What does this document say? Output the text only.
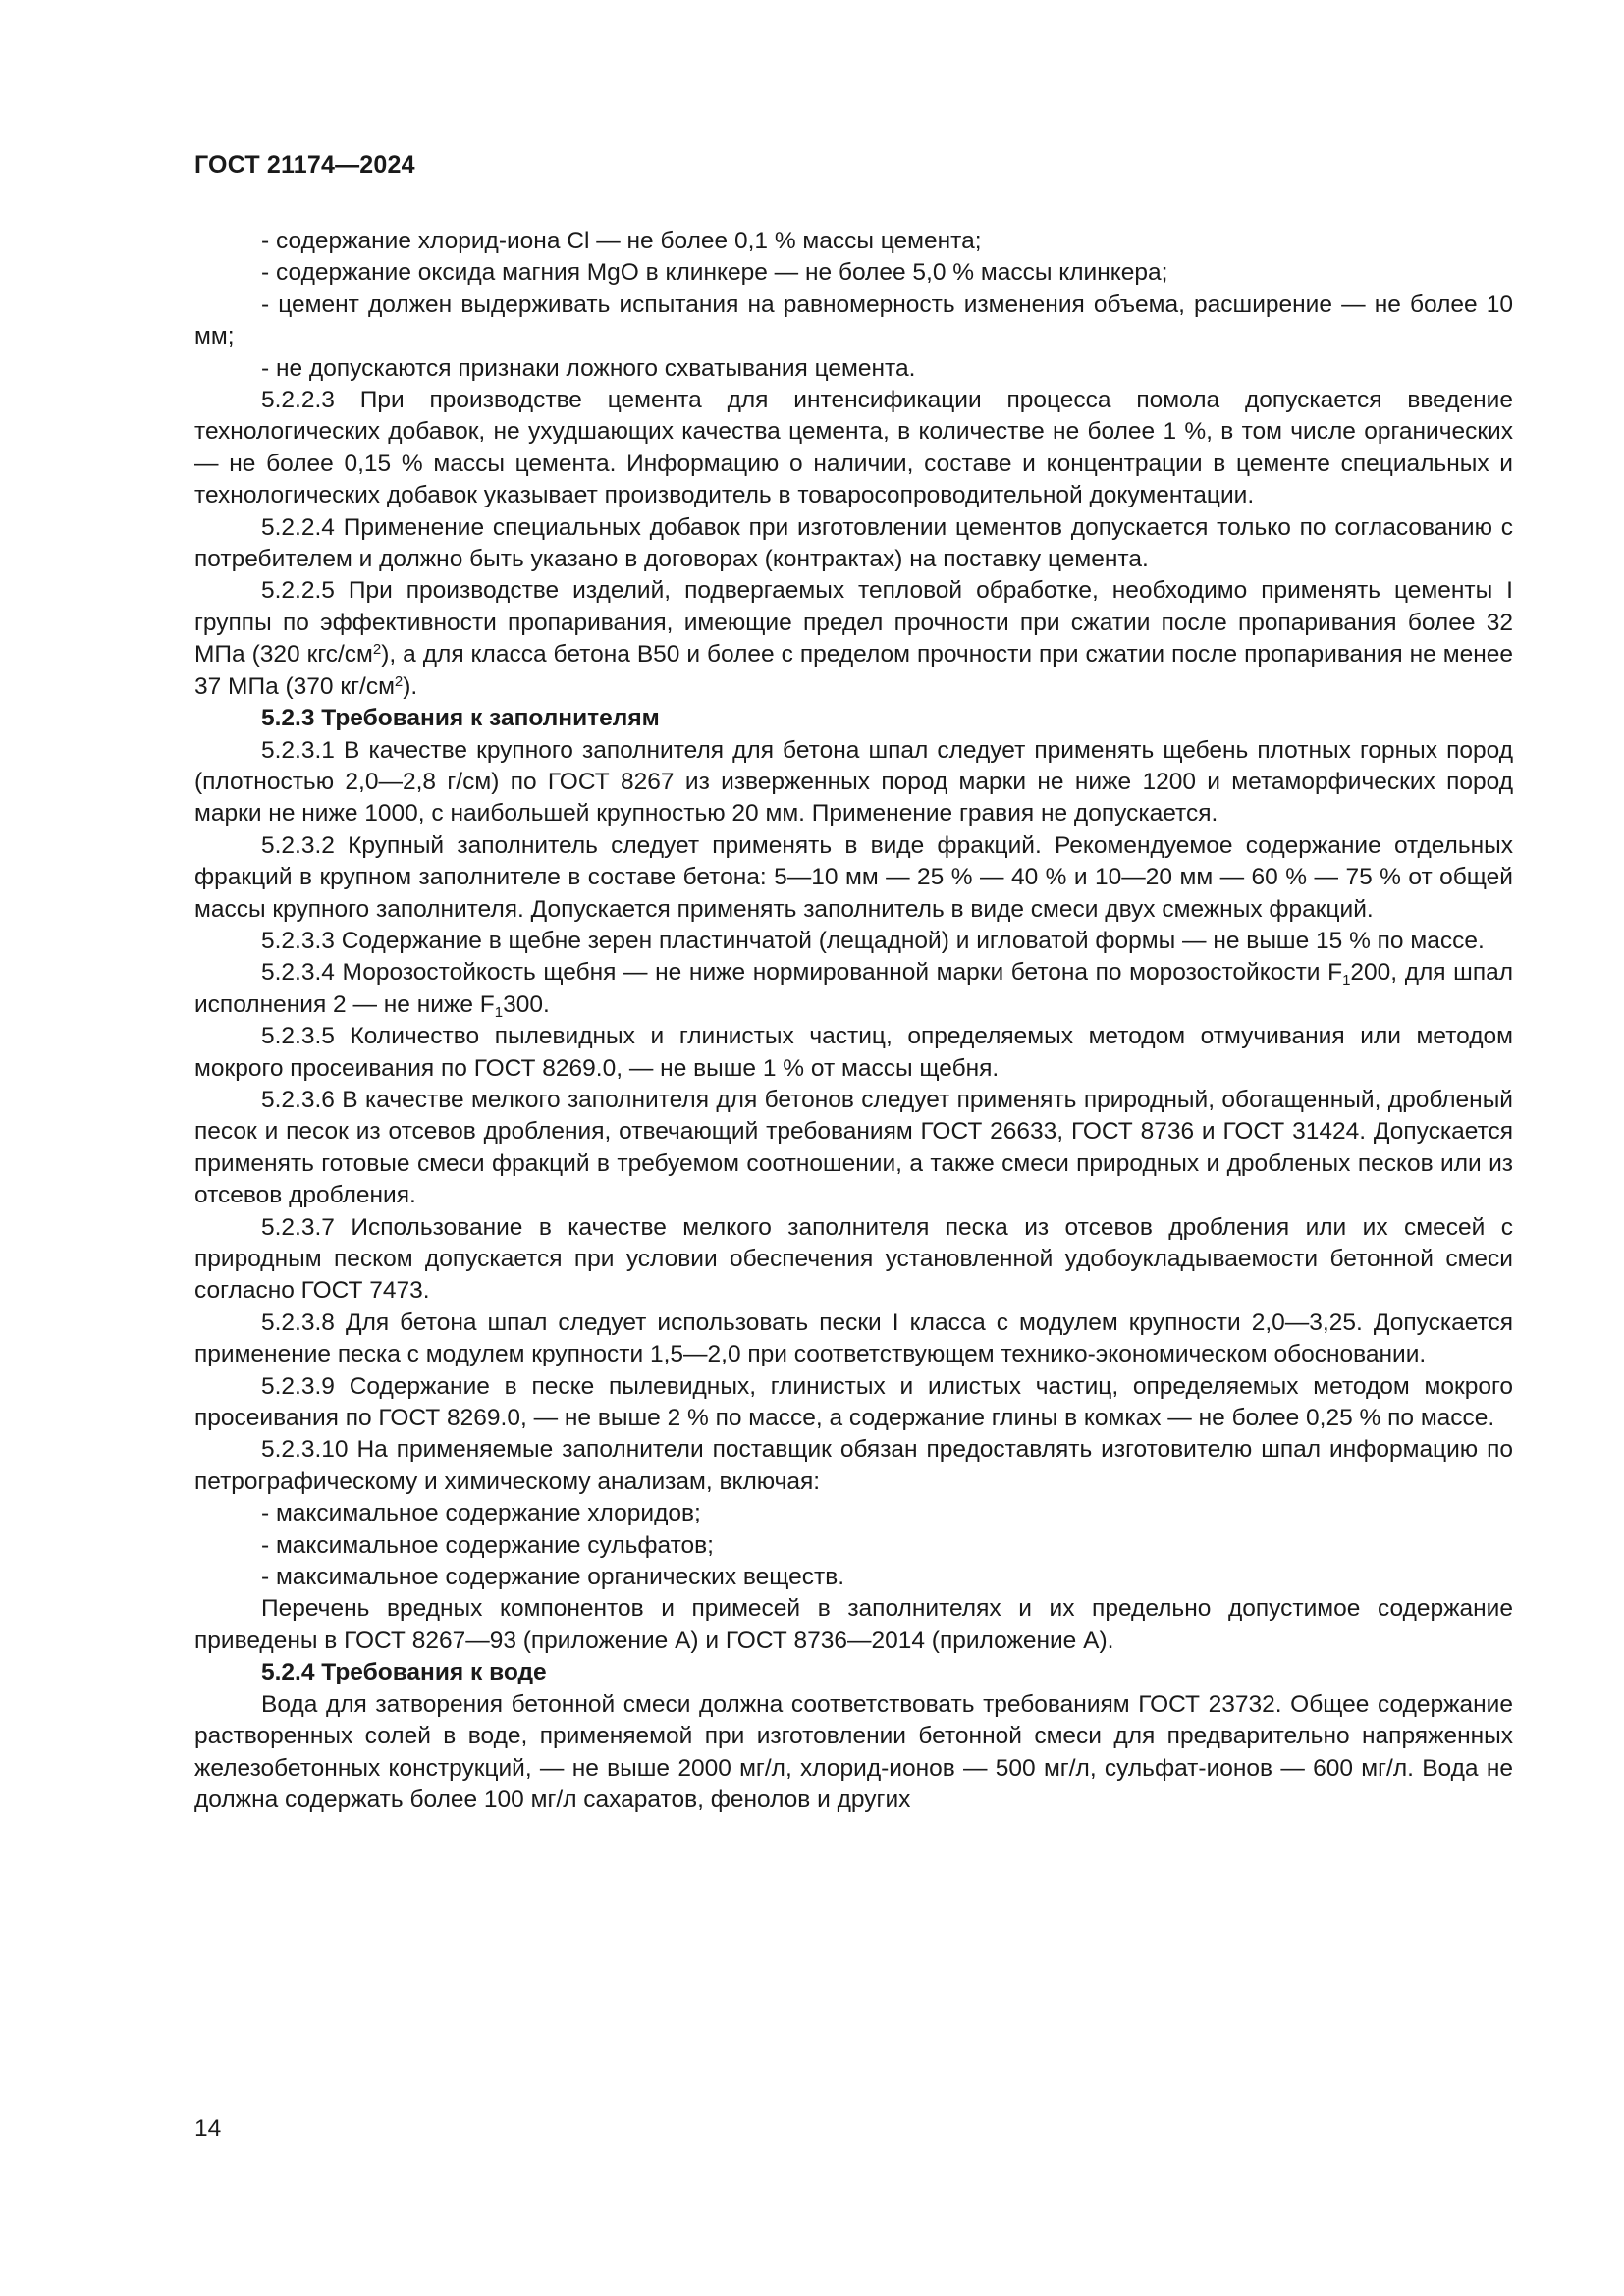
ГОСТ 21174—2024

- содержание хлорид-иона Cl — не более 0,1 % массы цемента;

- содержание оксида магния MgO в клинкере — не более 5,0 % массы клинкера;

- цемент должен выдерживать испытания на равномерность изменения объема, расширение — не более 10 мм;

- не допускаются признаки ложного схватывания цемента.

5.2.2.3 При производстве цемента для интенсификации процесса помола допускается введение технологических добавок, не ухудшающих качества цемента, в количестве не более 1 %, в том числе органических — не более 0,15 % массы цемента. Информацию о наличии, составе и концентрации в цементе специальных и технологических добавок указывает производитель в товаросопроводительной документации.

5.2.2.4 Применение специальных добавок при изготовлении цементов допускается только по согласованию с потребителем и должно быть указано в договорах (контрактах) на поставку цемента.

5.2.2.5 При производстве изделий, подвергаемых тепловой обработке, необходимо применять цементы I группы по эффективности пропаривания, имеющие предел прочности при сжатии после пропаривания более 32 МПа (320 кгс/$см^2$), а для класса бетона В50 и более с пределом прочности при сжатии после пропаривания не менее 37 МПа (370 $кг/см^2$).

5.2.3 Требования к заполнителям

5.2.3.1 В качестве крупного заполнителя для бетона шпал следует применять щебень плотных горных пород (плотностью 2,0—2,8 г/см) по ГОСТ 8267 из изверженных пород марки не ниже 1200 и метаморфических пород марки не ниже 1000, с наибольшей крупностью 20 мм. Применение гравия не допускается.

5.2.3.2 Крупный заполнитель следует применять в виде фракций. Рекомендуемое содержание отдельных фракций в крупном заполнителе в составе бетона: 5—10 мм — 25 % — 40 % и 10—20 мм — 60 % — 75 % от общей массы крупного заполнителя. Допускается применять заполнитель в виде смеси двух смежных фракций.

5.2.3.3 Содержание в щебне зерен пластинчатой (лещадной) и игловатой формы — не выше 15 % по массе.

5.2.3.4 Морозостойкость щебня — не ниже нормированной марки бетона по морозостойкости $F_1200$, для шпал исполнения 2 — не ниже $F_1300$.

5.2.3.5 Количество пылевидных и глинистых частиц, определяемых методом отмучивания или методом мокрого просеивания по ГОСТ 8269.0, — не выше 1 % от массы щебня.

5.2.3.6 В качестве мелкого заполнителя для бетонов следует применять природный, обогащенный, дробленый песок и песок из отсевов дробления, отвечающий требованиям ГОСТ 26633, ГОСТ 8736 и ГОСТ 31424. Допускается применять готовые смеси фракций в требуемом соотношении, а также смеси природных и дробленых песков или из отсевов дробления.

5.2.3.7 Использование в качестве мелкого заполнителя песка из отсевов дробления или их смесей с природным песком допускается при условии обеспечения установленной удобоукладываемости бетонной смеси согласно ГОСТ 7473.

5.2.3.8 Для бетона шпал следует использовать пески I класса с модулем крупности 2,0—3,25. Допускается применение песка с модулем крупности 1,5—2,0 при соответствующем технико-экономическом обосновании.

5.2.3.9 Содержание в песке пылевидных, глинистых и илистых частиц, определяемых методом мокрого просеивания по ГОСТ 8269.0, — не выше 2 % по массе, а содержание глины в комках — не более 0,25 % по массе.

5.2.3.10 На применяемые заполнители поставщик обязан предоставлять изготовителю шпал информацию по петрографическому и химическому анализам, включая:

- максимальное содержание хлоридов;

- максимальное содержание сульфатов;

- максимальное содержание органических веществ.

Перечень вредных компонентов и примесей в заполнителях и их предельно допустимое содержание приведены в ГОСТ 8267—93 (приложение А) и ГОСТ 8736—2014 (приложение А).

5.2.4 Требования к воде

Вода для затворения бетонной смеси должна соответствовать требованиям ГОСТ 23732. Общее содержание растворенных солей в воде, применяемой при изготовлении бетонной смеси для предварительно напряженных железобетонных конструкций, — не выше 2000 мг/л, хлорид-ионов — 500 мг/л, сульфат-ионов — 600 мг/л. Вода не должна содержать более 100 мг/л сахаратов, фенолов и других

14
